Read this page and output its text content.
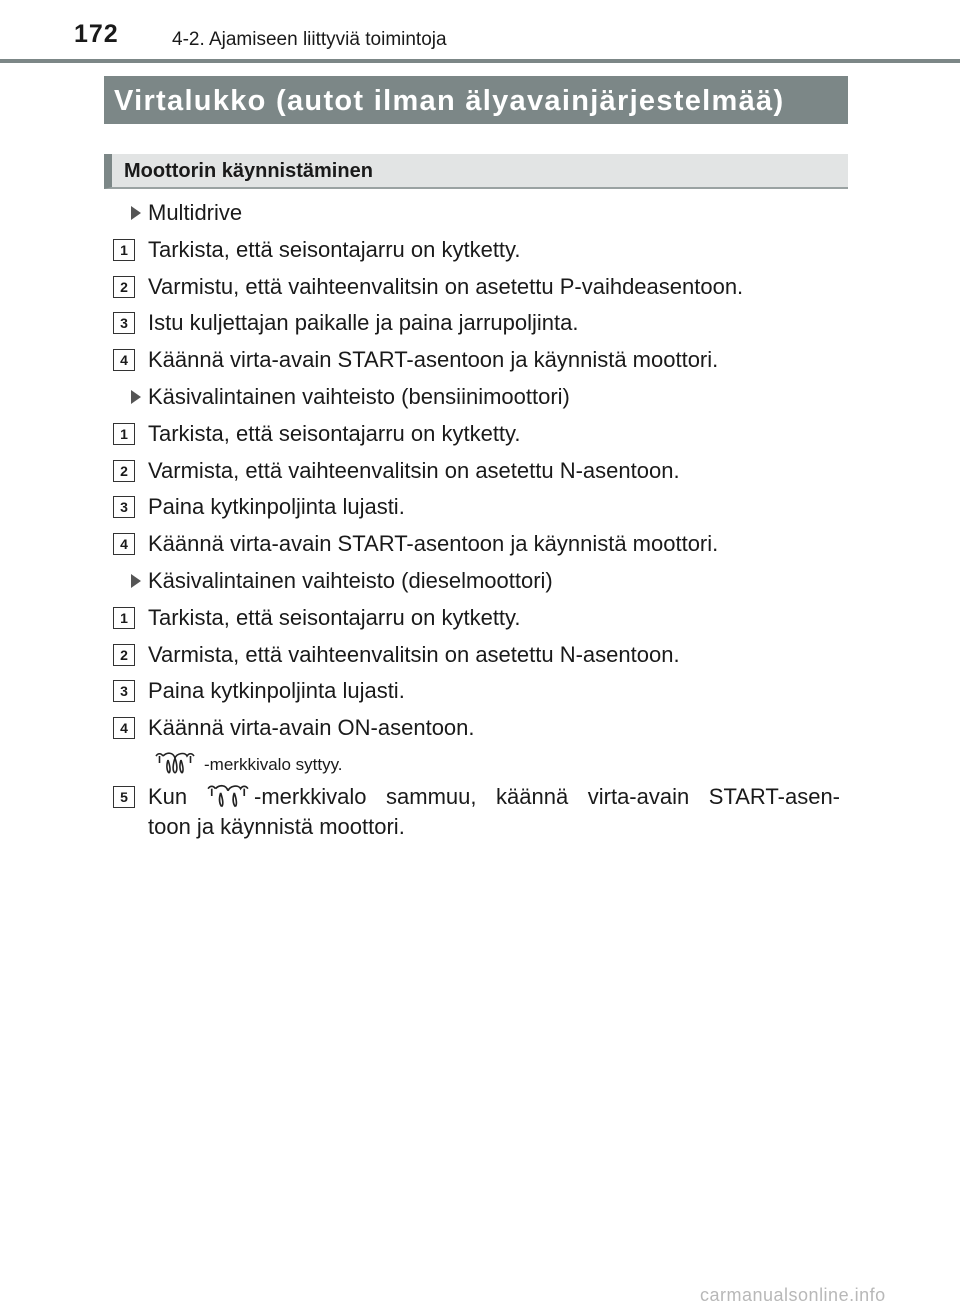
172	4-2. Ajamiseen liittyviä toimintoja
Virtalukko (autot ilman älyavainjärjestelmää)
Moottorin käynnistäminen
Multidrive
1 Tarkista, että seisontajarru on kytketty.
2 Varmistu, että vaihteenvalitsin on asetettu P-vaihdeasentoon.
3 Istu kuljettajan paikalle ja paina jarrupoljinta.
4 Käännä virta-avain START-asentoon ja käynnistä moottori.
Käsivalintainen vaihteisto (bensiinimoottori)
1 Tarkista, että seisontajarru on kytketty.
2 Varmista, että vaihteenvalitsin on asetettu N-asentoon.
3 Paina kytkinpoljinta lujasti.
4 Käännä virta-avain START-asentoon ja käynnistä moottori.
Käsivalintainen vaihteisto (dieselmoottori)
1 Tarkista, että seisontajarru on kytketty.
2 Varmista, että vaihteenvalitsin on asetettu N-asentoon.
3 Paina kytkinpoljinta lujasti.
4 Käännä virta-avain ON-asentoon.
-merkkivalo syttyy.
5 Kun	-merkkivalo sammuu, käännä virta-avain START-asen-
toon ja käynnistä moottori.
carmanualsonline.info
